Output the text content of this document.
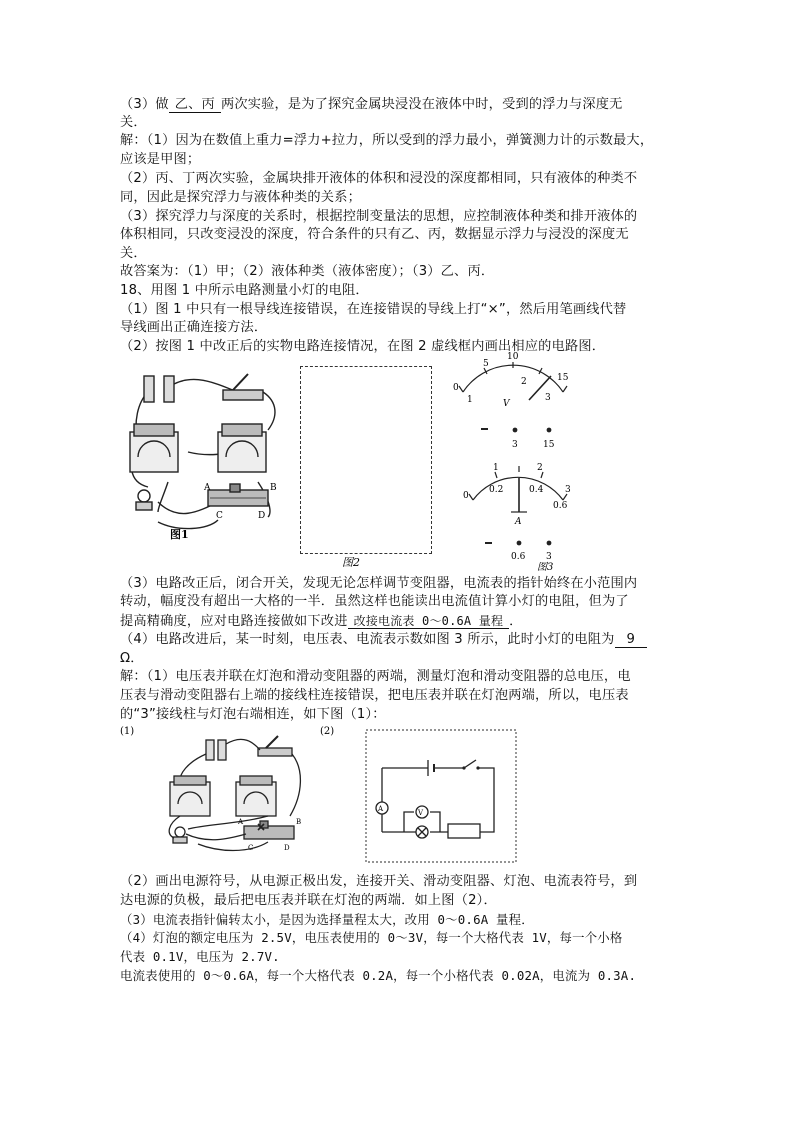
（3）做 乙、丙 两次实验，是为了探究金属块浸没在液体中时，受到的浮力与深度无
关．
解：（1）因为在数值上重力=浮力+拉力，所以受到的浮力最小，弹簧测力计的示数最大，
应该是甲图；
（2）丙、丁两次实验，金属块排开液体的体积和浸没的深度都相同，只有液体的种类不
同，因此是探究浮力与液体种类的关系；
（3）探究浮力与深度的关系时，根据控制变量法的思想，应控制液体种类和排开液体的
体积相同，只改变浸没的深度，符合条件的只有乙、丙，数据显示浮力与浸没的深度无
关．
故答案为：（1）甲；（2）液体种类（液体密度）；（3）乙、丙．
18、用图 1 中所示电路测量小灯的电阻．
（1）图 1 中只有一根导线连接错误，在连接错误的导线上打“×”，然后用笔画线代替
导线画出正确连接方法．
（2）按图 1 中改正后的实物电路连接情况，在图 2 虚线框内画出相应的电路图．
A	B
C	D
图1
图2
0
5
10
15
1
2
3
V
3	15
1	2
0
0.2	0.4
0.6
3
A
0.6 3
图3
（3）电路改正后，闭合开关，发现无论怎样调节变阻器，电流表的指针始终在小范围内
转动，幅度没有超出一大格的一半．虽然这样也能读出电流值计算小灯的电阻，但为了
提高精确度，应对电路连接做如下改进 改接电流表 0～0.6A 量程 ．
（4）电路改进后，某一时刻，电压表、电流表示数如图 3 所示，此时小灯的电阻为 9
Ω．
解：（1）电压表并联在灯泡和滑动变阻器的两端，测量灯泡和滑动变阻器的总电压，电
压表与滑动变阻器右上端的接线柱连接错误，把电压表并联在灯泡两端，所以，电压表
的“3”接线柱与灯泡右端相连，如下图（1）：
(1)
A	B
C	D
(2)
A	V
（2）画出电源符号，从电源正极出发，连接开关、滑动变阻器、灯泡、电流表符号，到
达电源的负极，最后把电压表并联在灯泡的两端．如上图（2）．
（3）电流表指针偏转太小，是因为选择量程太大，改用 0～0.6A 量程．
（4）灯泡的额定电压为 2.5V，电压表使用的 0～3V，每一个大格代表 1V，每一个小格
代表 0.1V，电压为 2.7V.
电流表使用的 0～0.6A，每一个大格代表 0.2A，每一个小格代表 0.02A，电流为 0.3A.
